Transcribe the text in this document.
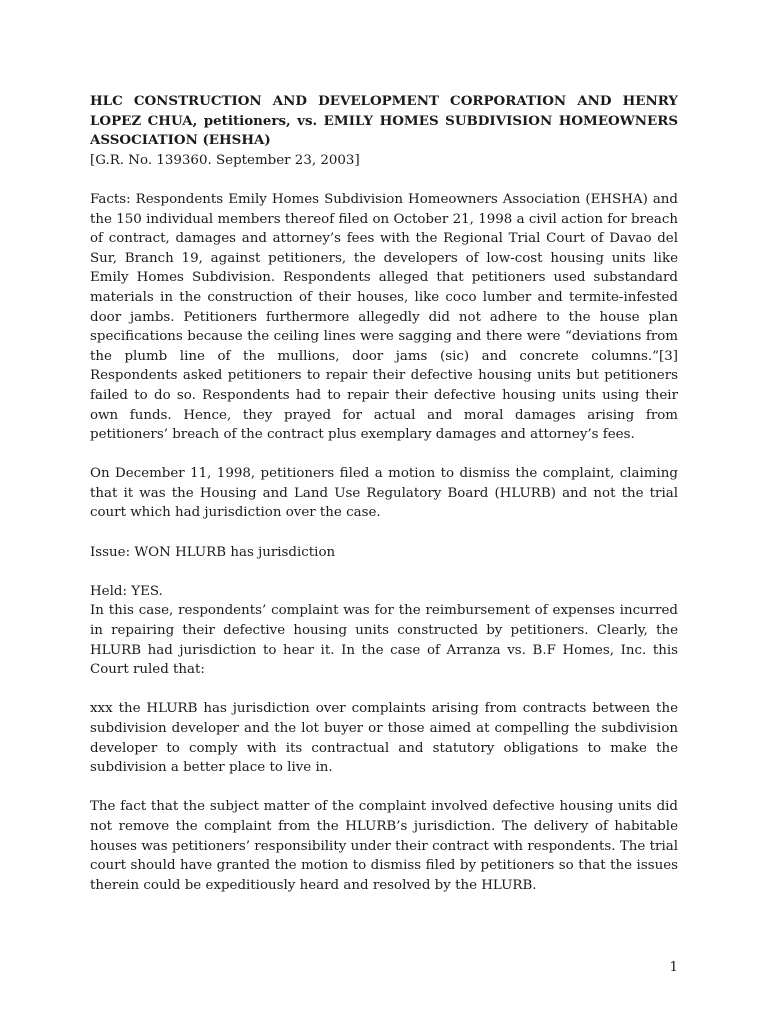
HLC CONSTRUCTION AND DEVELOPMENT CORPORATION AND HENRY LOPEZ CHUA, petitioners, vs. EMILY HOMES SUBDIVISION HOMEOWNERS ASSOCIATION (EHSHA)

[G.R. No. 139360. September 23, 2003]

Facts: Respondents Emily Homes Subdivision Homeowners Association (EHSHA) and the 150 individual members thereof filed on October 21, 1998 a civil action for breach of contract, damages and attorney’s fees with the Regional Trial Court of Davao del Sur, Branch 19, against petitioners, the developers of low-cost housing units like Emily Homes Subdivision. Respondents alleged that petitioners used substandard materials in the construction of their houses, like coco lumber and termite-infested door jambs. Petitioners furthermore allegedly did not adhere to the house plan specifications because the ceiling lines were sagging and there were “deviations from the plumb line of the mullions, door jams (sic) and concrete columns.”[3] Respondents asked petitioners to repair their defective housing units but petitioners failed to do so. Respondents had to repair their defective housing units using their own funds. Hence, they prayed for actual and moral damages arising from petitioners’ breach of the contract plus exemplary damages and attorney’s fees.

On December 11, 1998, petitioners filed a motion to dismiss the complaint, claiming that it was the Housing and Land Use Regulatory Board (HLURB) and not the trial court which had jurisdiction over the case.

Issue: WON HLURB has jurisdiction

Held: YES.

In this case, respondents’ complaint was for the reimbursement of expenses incurred in repairing their defective housing units constructed by petitioners. Clearly, the HLURB had jurisdiction to hear it. In the case of Arranza vs. B.F Homes, Inc. this Court ruled that:

xxx the HLURB has jurisdiction over complaints arising from contracts between the subdivision developer and the lot buyer or those aimed at compelling the subdivision developer to comply with its contractual and statutory obligations to make the subdivision a better place to live in.

The fact that the subject matter of the complaint involved defective housing units did not remove the complaint from the HLURB’s jurisdiction. The delivery of habitable houses was petitioners’ responsibility under their contract with respondents. The trial court should have granted the motion to dismiss filed by petitioners so that the issues therein could be expeditiously heard and resolved by the HLURB.

1
